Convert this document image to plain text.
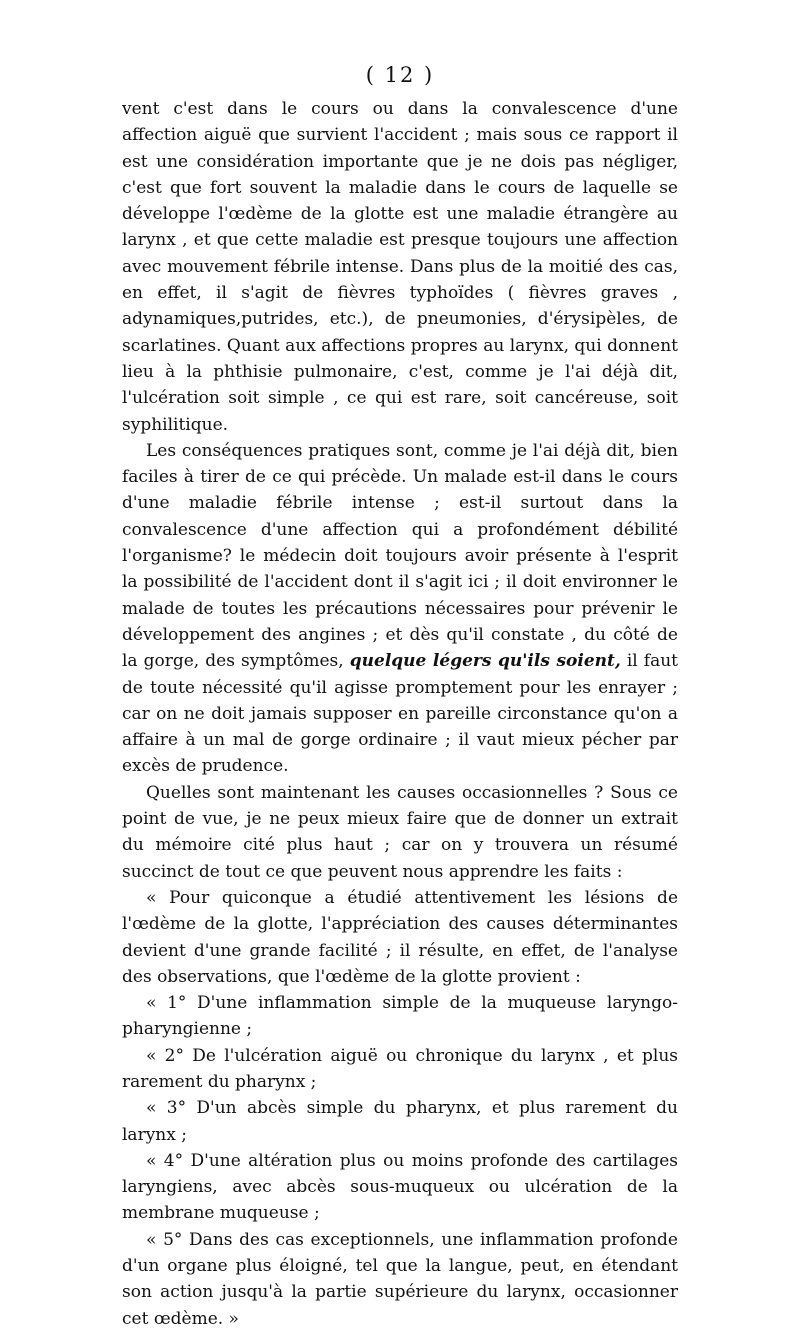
( 12 )

vent c'est dans le cours ou dans la convalescence d'une affection aiguë que survient l'accident ; mais sous ce rapport il est une considération importante que je ne dois pas négliger, c'est que fort souvent la maladie dans le cours de laquelle se développe l'œdème de la glotte est une maladie étrangère au larynx , et que cette maladie est presque toujours une affection avec mouvement fébrile intense. Dans plus de la moitié des cas, en effet, il s'agit de fièvres typhoïdes ( fièvres graves , adynamiques,putrides, etc.), de pneumonies, d'érysipèles, de scarlatines. Quant aux affections propres au larynx, qui donnent lieu à la phthisie pulmonaire, c'est, comme je l'ai déjà dit, l'ulcération soit simple , ce qui est rare, soit cancéreuse, soit syphilitique.

Les conséquences pratiques sont, comme je l'ai déjà dit, bien faciles à tirer de ce qui précède. Un malade est-il dans le cours d'une maladie fébrile intense ; est-il surtout dans la convalescence d'une affection qui a profondément débilité l'organisme? le médecin doit toujours avoir présente à l'esprit la possibilité de l'accident dont il s'agit ici ; il doit environner le malade de toutes les précautions nécessaires pour prévenir le développement des angines ; et dès qu'il constate , du côté de la gorge, des symptômes, quelque légers qu'ils soient, il faut de toute nécessité qu'il agisse promptement pour les enrayer ; car on ne doit jamais supposer en pareille circonstance qu'on a affaire à un mal de gorge ordinaire ; il vaut mieux pécher par excès de prudence.

Quelles sont maintenant les causes occasionnelles ? Sous ce point de vue, je ne peux mieux faire que de donner un extrait du mémoire cité plus haut ; car on y trouvera un résumé succinct de tout ce que peuvent nous apprendre les faits :

« Pour quiconque a étudié attentivement les lésions de l'œdème de la glotte, l'appréciation des causes déterminantes devient d'une grande facilité ; il résulte, en effet, de l'analyse des observations, que l'œdème de la glotte provient :

« 1° D'une inflammation simple de la muqueuse laryngo-pharyngienne ;

« 2° De l'ulcération aiguë ou chronique du larynx , et plus rarement du pharynx ;

« 3° D'un abcès simple du pharynx, et plus rarement du larynx ;

« 4° D'une altération plus ou moins profonde des cartilages laryngiens, avec abcès sous-muqueux ou ulcération de la membrane muqueuse ;

« 5° Dans des cas exceptionnels, une inflammation profonde d'un organe plus éloigné, tel que la langue, peut, en étendant son action jusqu'à la partie supérieure du larynx, occasionner cet œdème. »
